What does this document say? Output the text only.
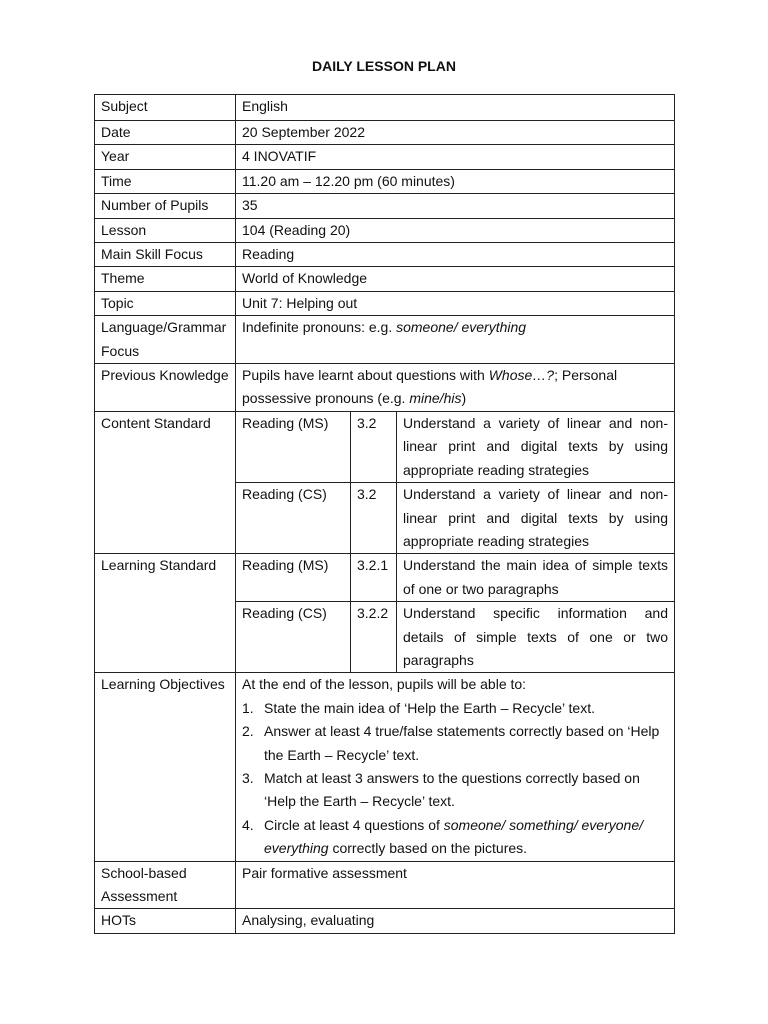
DAILY LESSON PLAN
Subject	English
Date	20 September 2022
Year	4 INOVATIF
Time	11.20 am – 12.20 pm (60 minutes)
Number of Pupils	35
Lesson	104 (Reading 20)
Main Skill Focus	Reading
Theme	World of Knowledge
Topic	Unit 7: Helping out
Language/Grammar Focus	Indefinite pronouns: e.g. someone/ everything
Previous Knowledge	Pupils have learnt about questions with Whose…?; Personal possessive pronouns (e.g. mine/his)
Content Standard	Reading (MS)	3.2	Understand a variety of linear and non-linear print and digital texts by using appropriate reading strategies
Reading (CS)	3.2	Understand a variety of linear and non-linear print and digital texts by using appropriate reading strategies

Learning Standard	Reading (MS)	3.2.1	Understand the main idea of simple texts of one or two paragraphs
Reading (CS)	3.2.2	Understand specific information and details of simple texts of one or two paragraphs

Learning Objectives	At the end of the lesson, pupils will be able to:
1. State the main idea of ‘Help the Earth – Recycle’ text.
2. Answer at least 4 true/false statements correctly based on ‘Help the Earth – Recycle’ text.
3. Match at least 3 answers to the questions correctly based on ‘Help the Earth – Recycle’ text.
4. Circle at least 4 questions of someone/ something/ everyone/ everything correctly based on the pictures.

School-based Assessment	Pair formative assessment
HOTs	Analysing, evaluating
